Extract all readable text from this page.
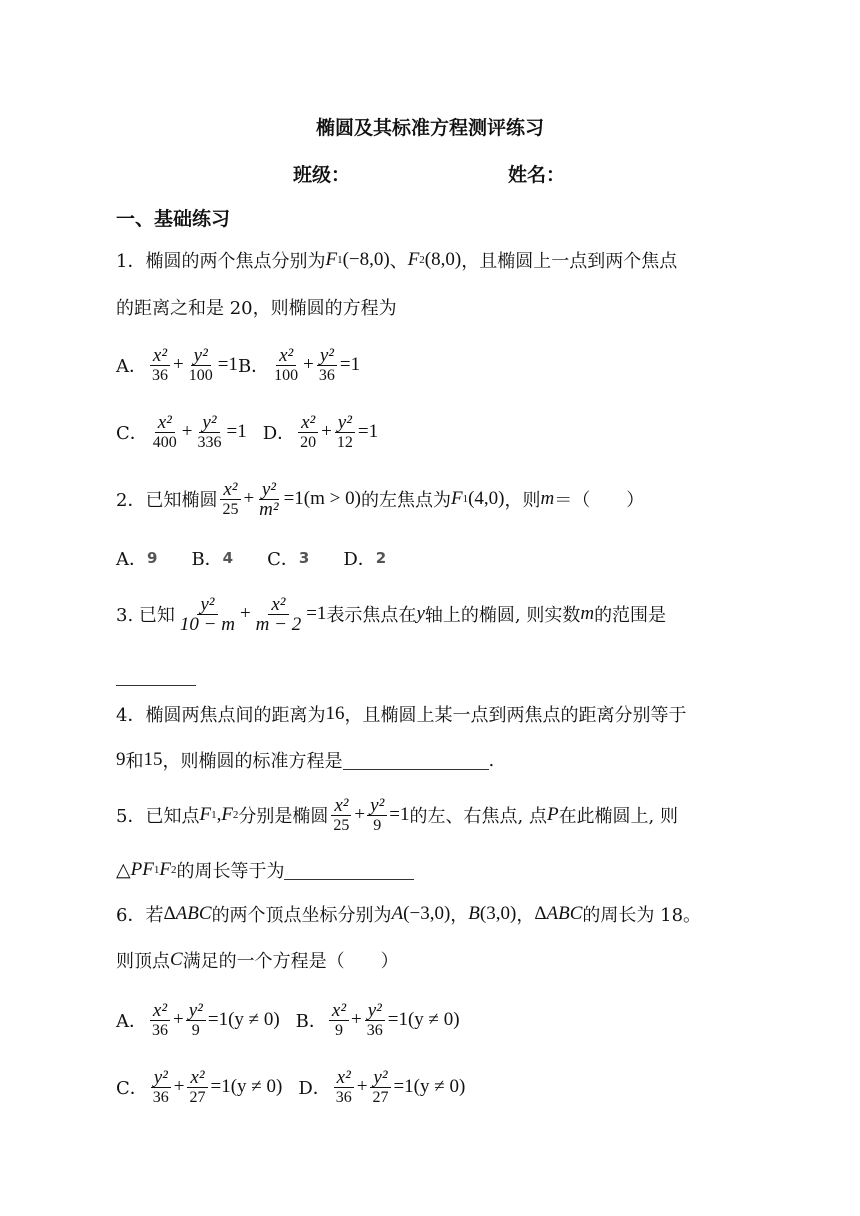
椭圆及其标准方程测评练习
班级：	姓名：
一、基础练习
1．椭圆的两个焦点分别为 F 1 (−8,0) 、 F 2 (8,0) ，且椭圆上一点到两个焦点
的距离之和是 20，则椭圆的方程为
A． $\frac{\text{x²}}{36} + \frac{\text{y²}}{100} =1$ B． $\frac{\text{x²}}{100} + \frac{\text{y²}}{36} =1$
C． $\frac{\text{x²}}{400} + \frac{\text{y²}}{336} =1$ D． $\frac{\text{x²}}{20} + \frac{\text{y²}}{12} =1$
2．已知椭圆 $\frac{\text{x²}}{25} + \frac{\text{y²}}{\text{m²}} =1(m > 0)$ 的左焦点为 F 1 (4,0) ，则 m ＝（　　）
A． 9 B． 4 C． 3 D． 2
3. 已知 $\frac{\text{y²}}{10 - m} + \frac{\text{x²}}{m - 2} =1$ 表示焦点在 y 轴上的椭圆, 则实数 m 的范围是
4．椭圆两焦点间的距离为 16 ，且椭圆上某一点到两焦点的距离分别等于
9 和 15 ，则椭圆的标准方程是	.
5．已知点 F 1 , F 2 分别是椭圆 $\frac{\text{x²}}{25} + \frac{\text{y²}}{9} =1$ 的左、右焦点, 点 P 在此椭圆上, 则
△ PF 1 F 2 的周长等于为
6．若 Δ ABC 的两个顶点坐标分别为 A (−3,0) ， B (3,0) ， Δ ABC 的周长为 18。
则顶点 C 满足的一个方程是（　　）
A． $\frac{\text{x²}}{36} + \frac{\text{y²}}{9} =1(y \ne 0)$ B． $\frac{\text{x²}}{9} + \frac{\text{y²}}{36} =1(y \ne 0)$
C． $\frac{\text{y²}}{36} + \frac{\text{x²}}{27} =1(y \ne 0)$ D． $\frac{\text{x²}}{36} + \frac{\text{y²}}{27} =1(y \ne 0)$
